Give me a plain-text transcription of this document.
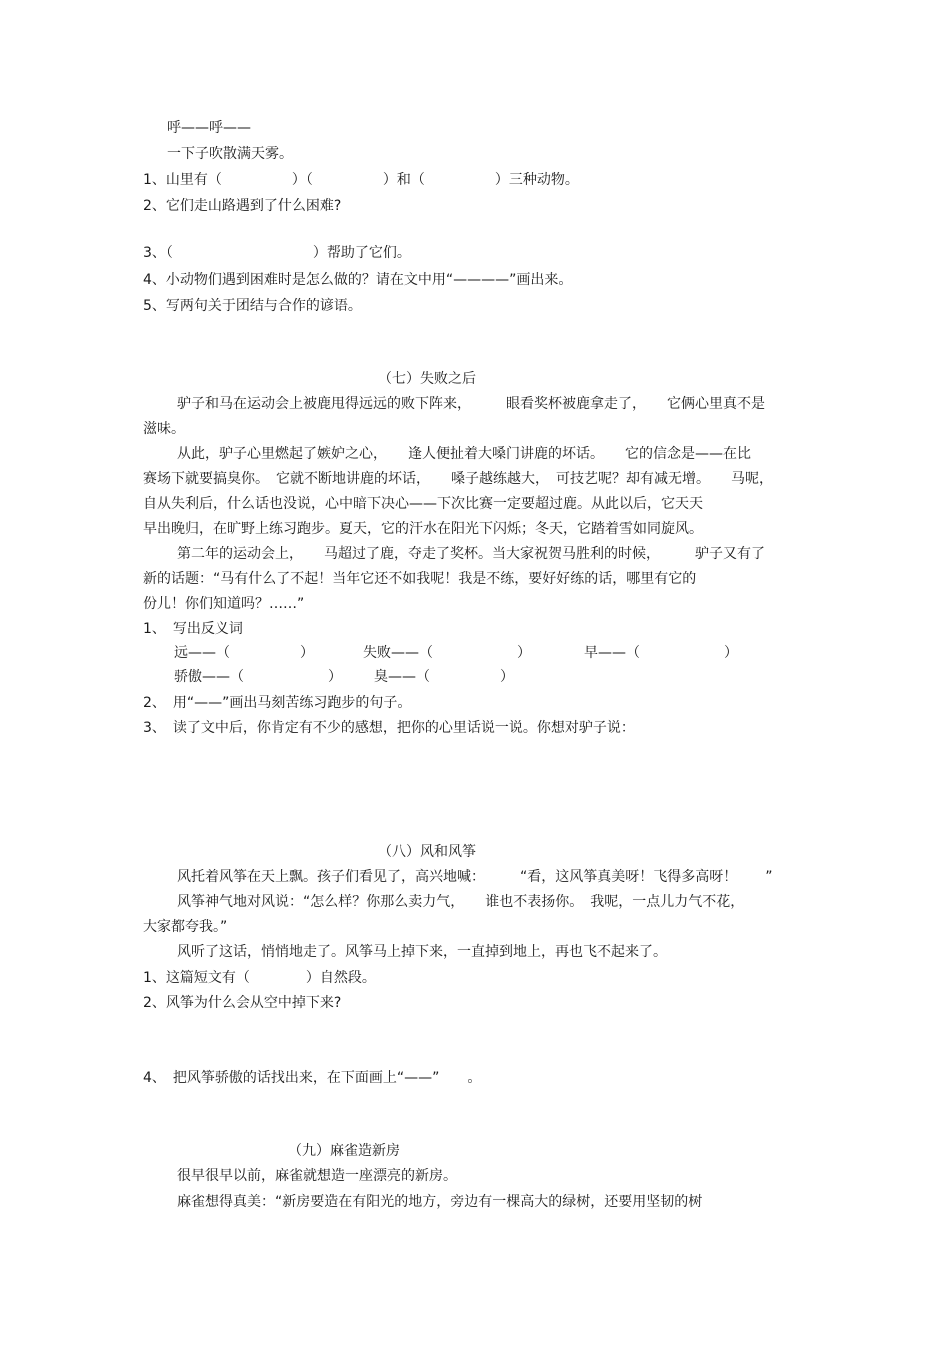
呼——呼——
一下子吹散满天雾。
1、山里有（　　　　　）（　　　　　）和（　　　　　）三种动物。
2、它们走山路遇到了什么困难?
3、（　　　　　　　　　　）帮助了它们。
4、小动物们遇到困难时是怎么做的？请在文中用“————”画出来。
5、写两句关于团结与合作的谚语。
（七）失败之后
驴子和马在运动会上被鹿甩得远远的败下阵来，　　　眼看奖杯被鹿拿走了，　　它俩心里真不是
滋味。
从此，驴子心里燃起了嫉妒之心，　　逢人便扯着大嗓门讲鹿的坏话。　　它的信念是——在比
赛场下就要搞臭你。　它就不断地讲鹿的坏话，　　嗓子越练越大，　可技艺呢？却有减无增。　　马呢，
自从失利后，什么话也没说，心中暗下决心——下次比赛一定要超过鹿。从此以后，它天天
早出晚归，在旷野上练习跑步。夏天，它的汗水在阳光下闪烁；冬天，它踏着雪如同旋风。
第二年的运动会上，　　马超过了鹿，夺走了奖杯。当大家祝贺马胜利的时候，　　　驴子又有了
新的话题：“马有什么了不起！当年它还不如我呢！我是不练，要好好练的话，哪里有它的
份儿！你们知道吗？……”
1、　写出反义词
远——（　　　　　）	失败——（　　　　　　）	早——（　　　　　　）
骄傲——（　　　　　　） 臭——（　　　　　）
2、　用“——”画出马刻苦练习跑步的句子。
3、　读了文中后，你肯定有不少的感想，把你的心里话说一说。你想对驴子说：
（八）风和风筝
风托着风筝在天上飘。孩子们看见了，高兴地喊：　　　“看，这风筝真美呀！飞得多高呀！　　”
风筝神气地对风说：“怎么样？你那么卖力气，　　谁也不表扬你。　我呢，一点儿力气不花，
大家都夸我。”
风听了这话，悄悄地走了。风筝马上掉下来，一直掉到地上，再也飞不起来了。
1、这篇短文有（　　　　）自然段。
2、风筝为什么会从空中掉下来?
4、　把风筝骄傲的话找出来，在下面画上“——”　　。
（九）麻雀造新房
很早很早以前，麻雀就想造一座漂亮的新房。
麻雀想得真美：“新房要造在有阳光的地方，旁边有一棵高大的绿树，还要用坚韧的树
